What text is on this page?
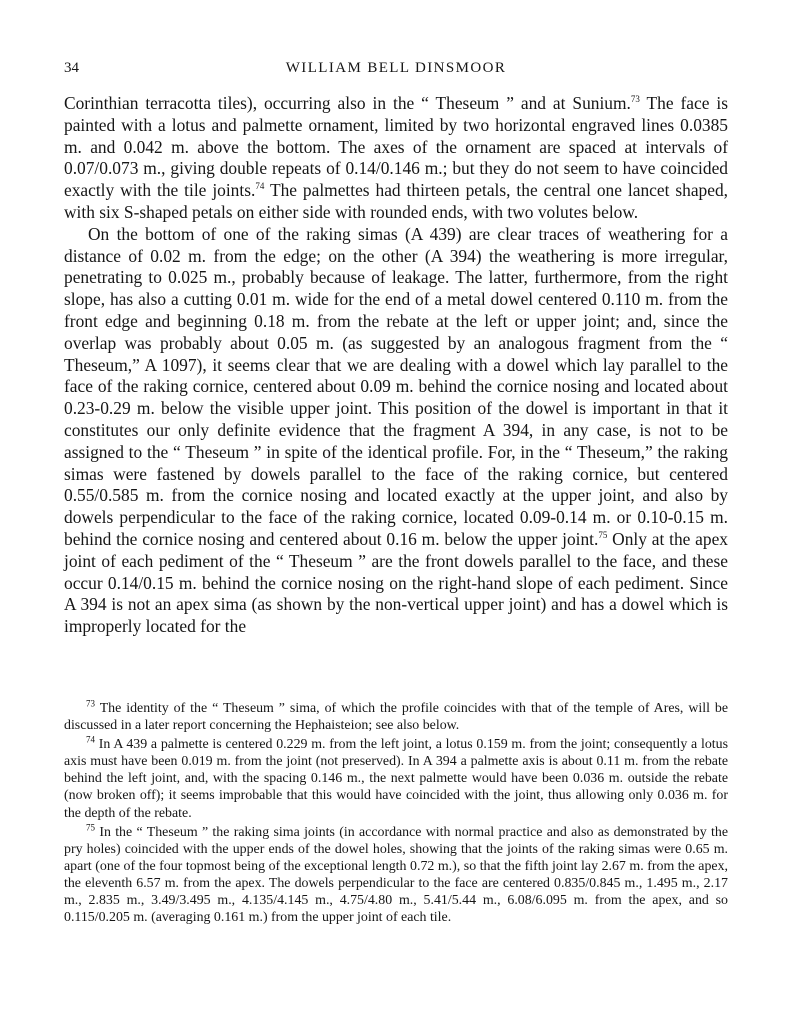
34	WILLIAM BELL DINSMOOR

Corinthian terracotta tiles), occurring also in the “ Theseum ” and at Sunium.$^{73}$ The face is painted with a lotus and palmette ornament, limited by two horizontal engraved lines 0.0385 m. and 0.042 m. above the bottom. The axes of the ornament are spaced at intervals of 0.07/0.073 m., giving double repeats of 0.14/0.146 m.; but they do not seem to have coincided exactly with the tile joints.$^{74}$ The palmettes had thirteen petals, the central one lancet shaped, with six S-shaped petals on either side with rounded ends, with two volutes below.

On the bottom of one of the raking simas (A 439) are clear traces of weathering for a distance of 0.02 m. from the edge; on the other (A 394) the weathering is more irregular, penetrating to 0.025 m., probably because of leakage. The latter, furthermore, from the right slope, has also a cutting 0.01 m. wide for the end of a metal dowel centered 0.110 m. from the front edge and beginning 0.18 m. from the rebate at the left or upper joint; and, since the overlap was probably about 0.05 m. (as suggested by an analogous fragment from the “ Theseum,” A 1097), it seems clear that we are dealing with a dowel which lay parallel to the face of the raking cornice, centered about 0.09 m. behind the cornice nosing and located about 0.23-0.29 m. below the visible upper joint. This position of the dowel is important in that it constitutes our only definite evidence that the fragment A 394, in any case, is not to be assigned to the “ Theseum ” in spite of the identical profile. For, in the “ Theseum,” the raking simas were fastened by dowels parallel to the face of the raking cornice, but centered 0.55/0.585 m. from the cornice nosing and located exactly at the upper joint, and also by dowels perpendicular to the face of the raking cornice, located 0.09-0.14 m. or 0.10-0.15 m. behind the cornice nosing and centered about 0.16 m. below the upper joint.$^{75}$ Only at the apex joint of each pediment of the “ Theseum ” are the front dowels parallel to the face, and these occur 0.14/0.15 m. behind the cornice nosing on the right-hand slope of each pediment. Since A 394 is not an apex sima (as shown by the non-vertical upper joint) and has a dowel which is improperly located for the

$^{73}$ The identity of the “ Theseum ” sima, of which the profile coincides with that of the temple of Ares, will be discussed in a later report concerning the Hephaisteion; see also below.

$^{74}$ In A 439 a palmette is centered 0.229 m. from the left joint, a lotus 0.159 m. from the joint; consequently a lotus axis must have been 0.019 m. from the joint (not preserved). In A 394 a palmette axis is about 0.11 m. from the rebate behind the left joint, and, with the spacing 0.146 m., the next palmette would have been 0.036 m. outside the rebate (now broken off); it seems improbable that this would have coincided with the joint, thus allowing only 0.036 m. for the depth of the rebate.

$^{75}$ In the “ Theseum ” the raking sima joints (in accordance with normal practice and also as demonstrated by the pry holes) coincided with the upper ends of the dowel holes, showing that the joints of the raking simas were 0.65 m. apart (one of the four topmost being of the exceptional length 0.72 m.), so that the fifth joint lay 2.67 m. from the apex, the eleventh 6.57 m. from the apex. The dowels perpendicular to the face are centered 0.835/0.845 m., 1.495 m., 2.17 m., 2.835 m., 3.49/3.495 m., 4.135/4.145 m., 4.75/4.80 m., 5.41/5.44 m., 6.08/6.095 m. from the apex, and so 0.115/0.205 m. (averaging 0.161 m.) from the upper joint of each tile.
